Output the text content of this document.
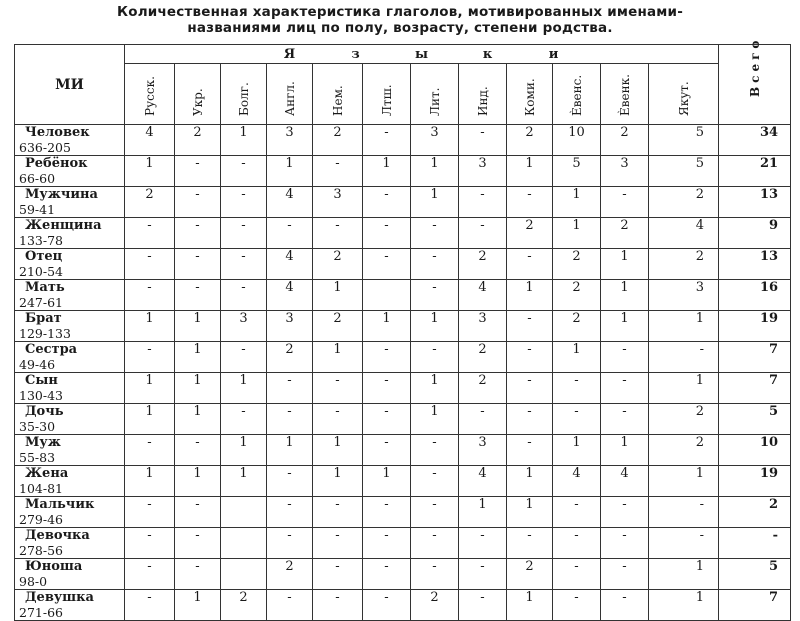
Количественная характеристика глаголов, мотивированных именами-
названиями лиц по полу, возрасту, степени родства.
МИ	Я з ы к и												Всего

	Русск.	Укр.	Болг.	Англ.	Нем.	Лтш.	Лит.	Инд.	Коми.	Ѐвенс.	Ѐвенк.	Якут.	

Человек
636-205	4	2	1	3	2	-	3	-	2	10	2	5	34

Ребёнок
66-60	1	-	-	1	-	1	1	3	1	5	3	5	21

Мужчина
59-41	2	-	-	4	3	-	1	-	-	1	-	2	13

Женщина
133-78	-	-	-	-	-	-	-	-	2	1	2	4	9

Отец
210-54	-	-	-	4	2	-	-	2	-	2	1	2	13

Мать
247-61	-	-	-	4	1		-	4	1	2	1	3	16

Брат
129-133	1	1	3	3	2	1	1	3	-	2	1	1	19

Сестра
49-46	-	1	-	2	1	-	-	2	-	1	-	-	7

Сын
130-43	1	1	1	-	-	-	1	2	-	-	-	1	7

Дочь
35-30	1	1	-	-	-	-	1	-	-	-	-	2	5

Муж
55-83	-	-	1	1	1	-	-	3	-	1	1	2	10

Жена
104-81	1	1	1	-	1	1	-	4	1	4	4	1	19

Мальчик
279-46	-	-		-	-	-	-	1	1	-	-	-	2

Девочка
278-56	-	-		-	-	-	-	-	-	-	-	-	-

Юноша
98-0	-	-		2	-	-	-	-	2	-	-	1	5

Девушка
271-66	-	1	2	-	-	-	2	-	1	-	-	1	7
